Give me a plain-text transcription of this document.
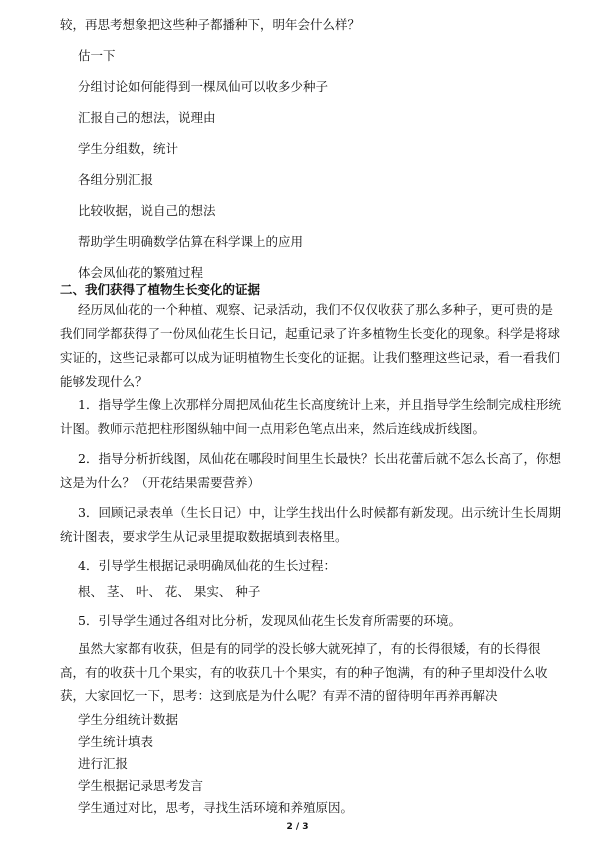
较，再思考想象把这些种子都播种下，明年会什么样？
估一下
分组讨论如何能得到一棵凤仙可以收多少种子
汇报自己的想法，说理由
学生分组数，统计
各组分别汇报
比较收据，说自己的想法
帮助学生明确数学估算在科学课上的应用
体会凤仙花的繁殖过程
二、我们获得了植物生长变化的证据
经历凤仙花的一个种植、观察、记录活动，我们不仅仅收获了那么多种子，更可贵的是
我们同学都获得了一份凤仙花生长日记，起重记录了许多植物生长变化的现象。科学是将球
实证的，这些记录都可以成为证明植物生长变化的证据。让我们整理这些记录，看一看我们
能够发现什么？
1．指导学生像上次那样分周把凤仙花生长高度统计上来，并且指导学生绘制完成柱形统
计图。教师示范把柱形图纵轴中间一点用彩色笔点出来，然后连线成折线图。
2．指导分析折线图，凤仙花在哪段时间里生长最快？长出花蕾后就不怎么长高了，你想
这是为什么？（开花结果需要营养）
3．回顾记录表单（生长日记）中，让学生找出什么时候都有新发现。出示统计生长周期
统计图表，要求学生从记录里提取数据填到表格里。
4．引导学生根据记录明确凤仙花的生长过程：
根、 茎、 叶、 花、 果实、 种子
5．引导学生通过各组对比分析，发现凤仙花生长发育所需要的环境。
虽然大家都有收获，但是有的同学的没长够大就死掉了，有的长得很矮，有的长得很
高，有的收获十几个果实，有的收获几十个果实，有的种子饱满，有的种子里却没什么收
获，大家回忆一下，思考：这到底是为什么呢？有弄不清的留待明年再养再解决
学生分组统计数据
学生统计填表
进行汇报
学生根据记录思考发言
学生通过对比，思考，寻找生活环境和养殖原因。
2 / 3
